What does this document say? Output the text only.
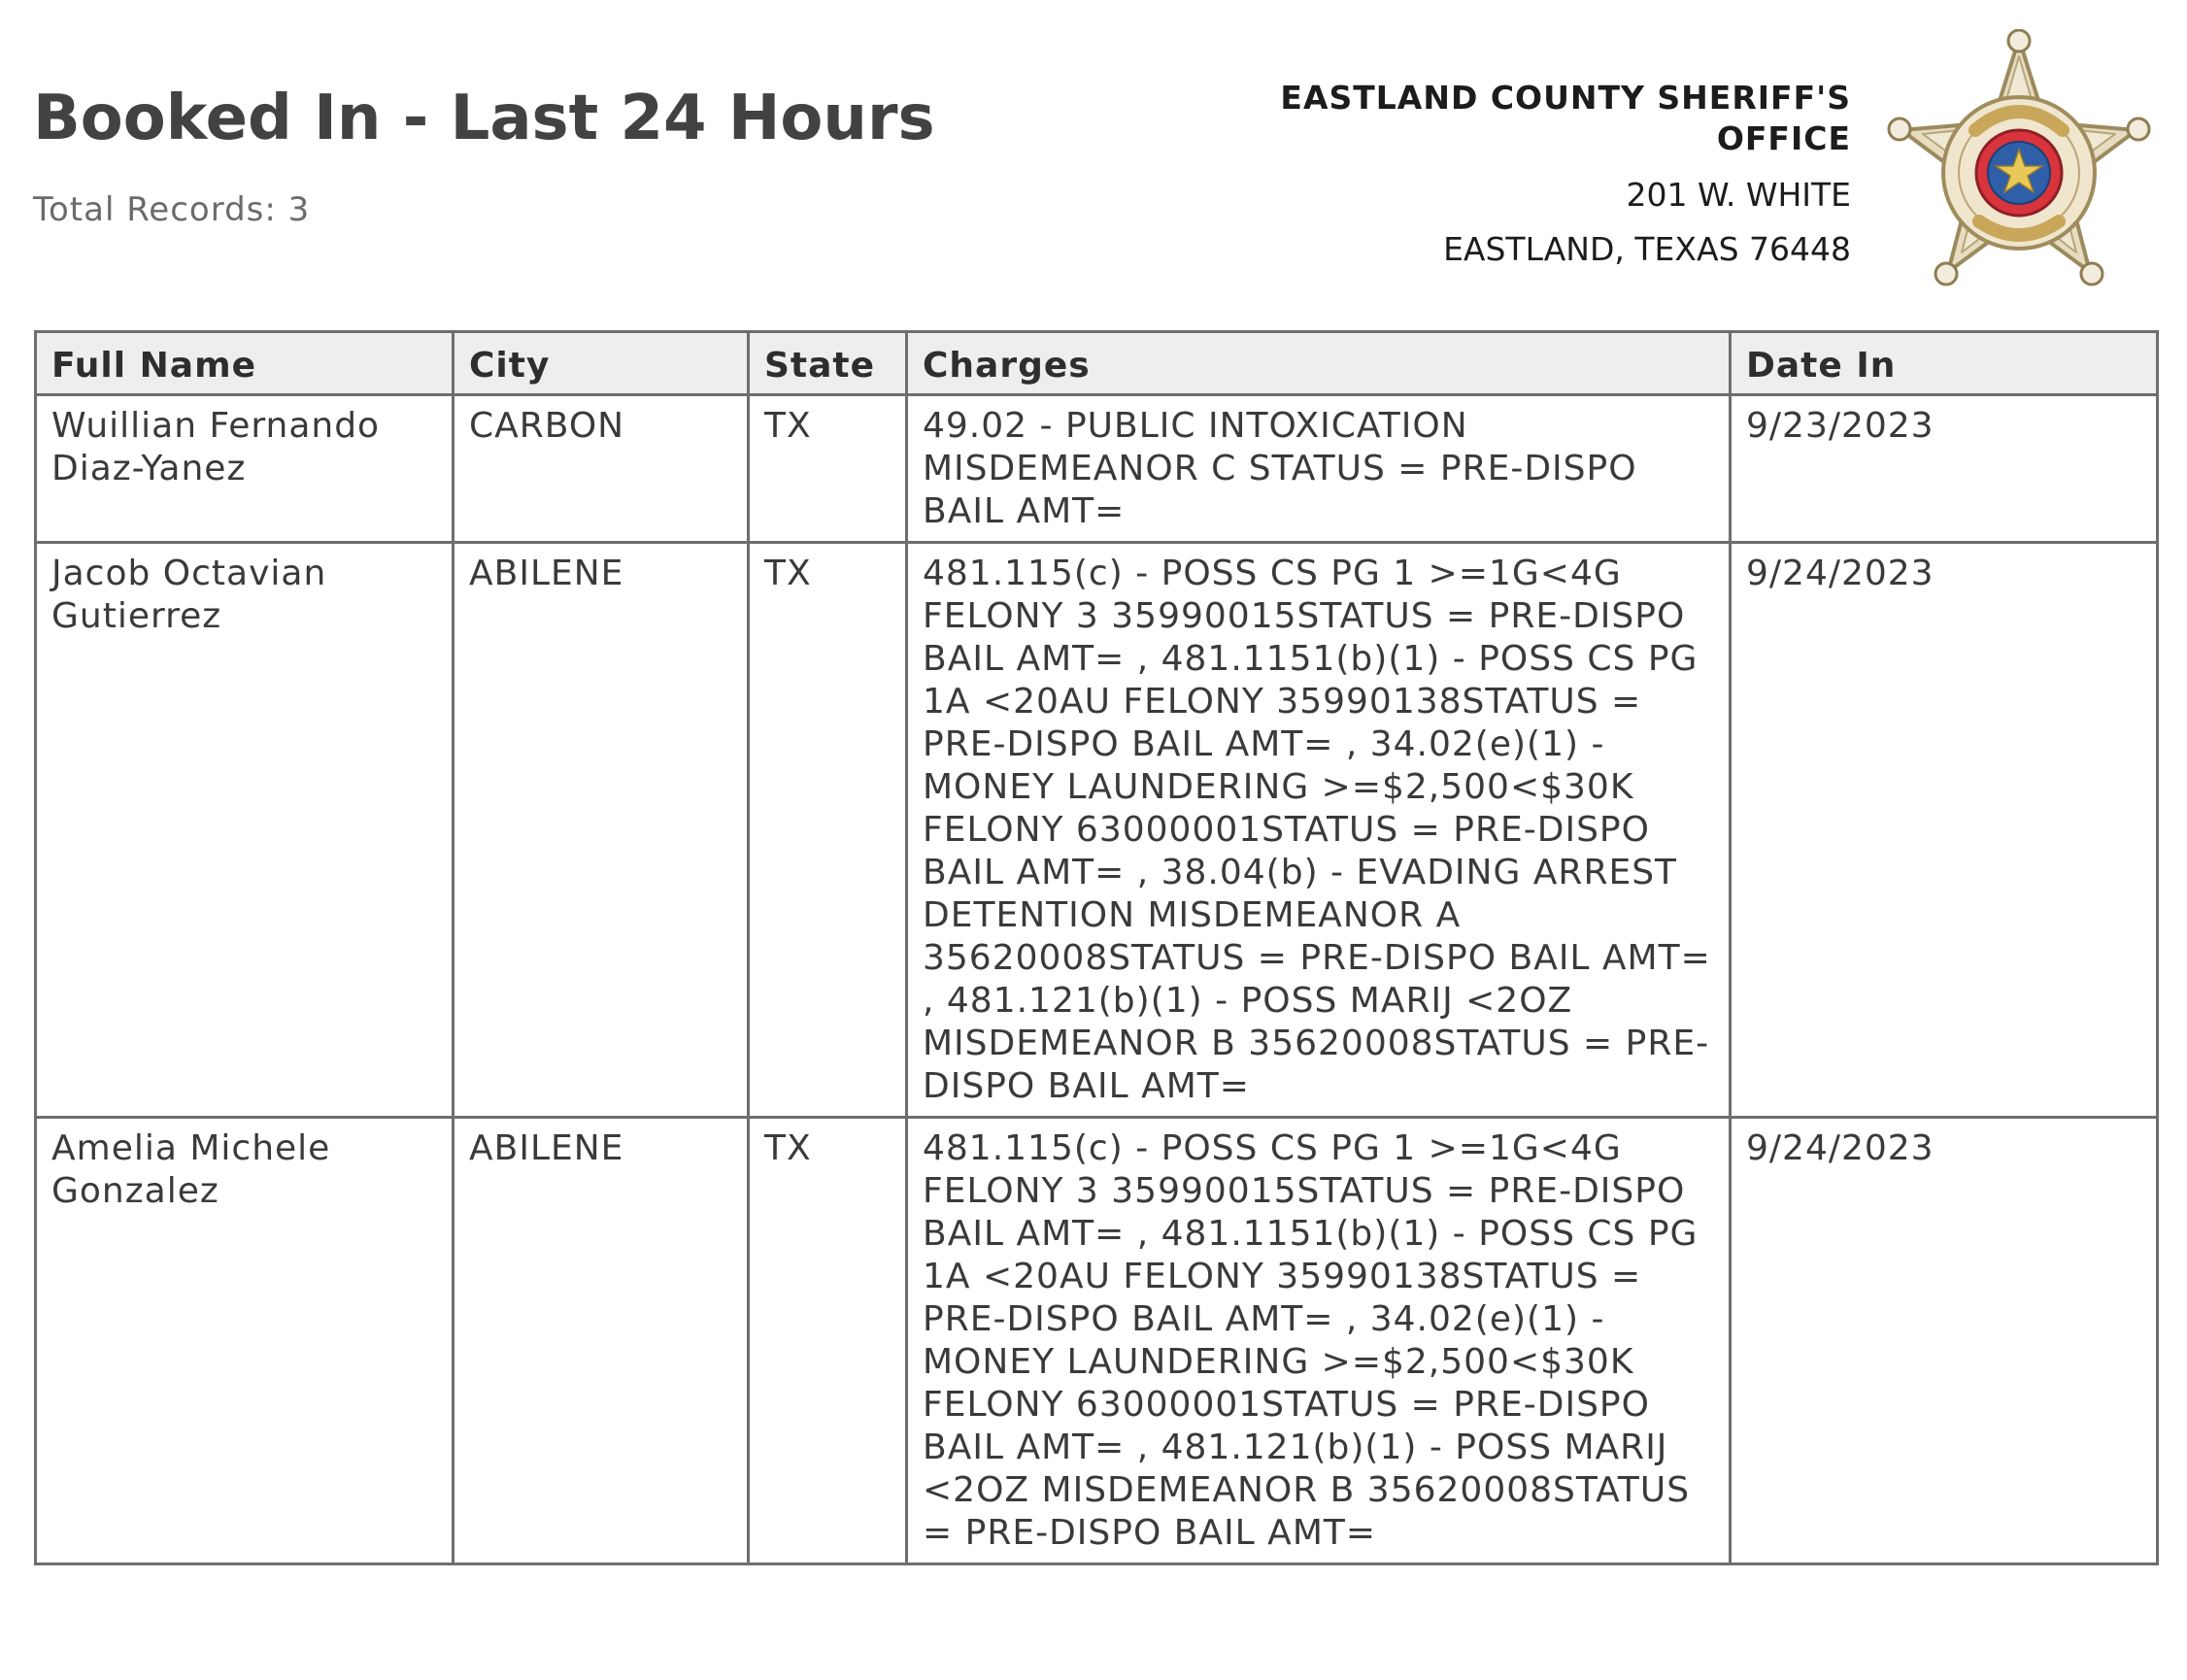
Booked In - Last 24 Hours
Total Records: 3
EASTLAND COUNTY SHERIFF'S
OFFICE
201 W. WHITE
EASTLAND, TEXAS 76448
Full Name	City	State	Charges	Date In

Wuillian Fernando
Diaz-Yanez	CARBON	TX	49.02 - PUBLIC INTOXICATION MISDEMEANOR C STATUS = PRE-DISPO BAIL AMT=	9/23/2023

Jacob Octavian
Gutierrez	ABILENE	TX	481.115(c) - POSS CS PG 1 >=1G<4G FELONY 3 35990015STATUS = PRE-DISPO BAIL AMT= , 481.1151(b)(1) - POSS CS PG 1A <20AU FELONY 35990138STATUS = PRE-DISPO BAIL AMT= , 34.02(e)(1) - MONEY LAUNDERING >=$2,500<$30K FELONY 63000001STATUS = PRE-DISPO BAIL AMT= , 38.04(b) - EVADING ARREST DETENTION MISDEMEANOR A 35620008STATUS = PRE-DISPO BAIL AMT= , 481.121(b)(1) - POSS MARIJ <2OZ MISDEMEANOR B 35620008STATUS = PRE-DISPO BAIL AMT=	9/24/2023

Amelia Michele
Gonzalez	ABILENE	TX	481.115(c) - POSS CS PG 1 >=1G<4G FELONY 3 35990015STATUS = PRE-DISPO BAIL AMT= , 481.1151(b)(1) - POSS CS PG 1A <20AU FELONY 35990138STATUS = PRE-DISPO BAIL AMT= , 34.02(e)(1) - MONEY LAUNDERING >=$2,500<$30K FELONY 63000001STATUS = PRE-DISPO BAIL AMT= , 481.121(b)(1) - POSS MARIJ <2OZ MISDEMEANOR B 35620008STATUS = PRE-DISPO BAIL AMT=	9/24/2023
